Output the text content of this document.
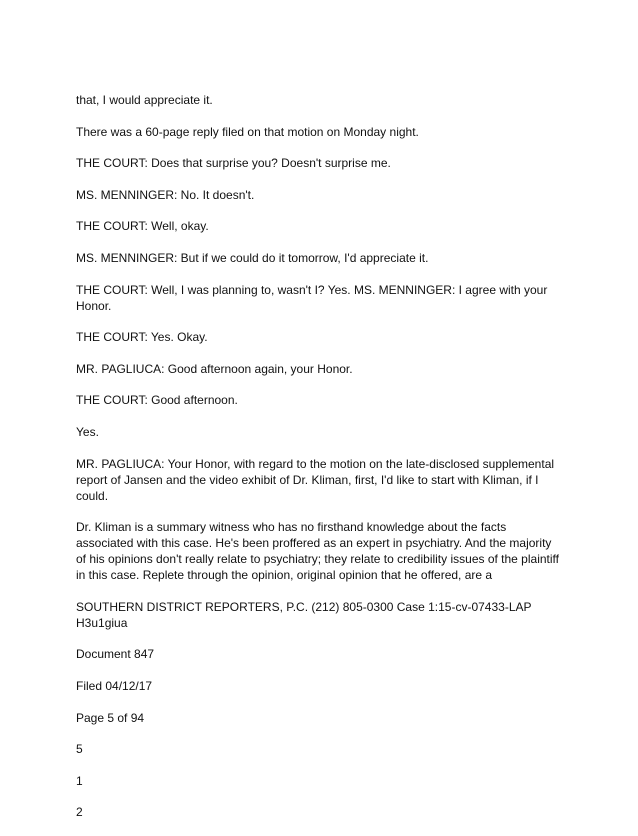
that, I would appreciate it.

There was a 60-page reply filed on that motion on Monday night.

THE COURT: Does that surprise you? Doesn't surprise me.

MS. MENNINGER: No. It doesn't.

THE COURT: Well, okay.

MS. MENNINGER: But if we could do it tomorrow, I'd appreciate it.

THE COURT: Well, I was planning to, wasn't I? Yes. MS. MENNINGER: I agree with your Honor.

THE COURT: Yes. Okay.

MR. PAGLIUCA: Good afternoon again, your Honor.

THE COURT: Good afternoon.

Yes.

MR. PAGLIUCA: Your Honor, with regard to the motion on the late-disclosed supplemental report of Jansen and the video exhibit of Dr. Kliman, first, I'd like to start with Kliman, if I could.

Dr. Kliman is a summary witness who has no firsthand knowledge about the facts associated with this case. He's been proffered as an expert in psychiatry. And the majority of his opinions don't really relate to psychiatry; they relate to credibility issues of the plaintiff in this case. Replete through the opinion, original opinion that he offered, are a

SOUTHERN DISTRICT REPORTERS, P.C. (212) 805-0300 Case 1:15-cv-07433-LAP H3u1giua

Document 847

Filed 04/12/17

Page 5 of 94

5

1

2
